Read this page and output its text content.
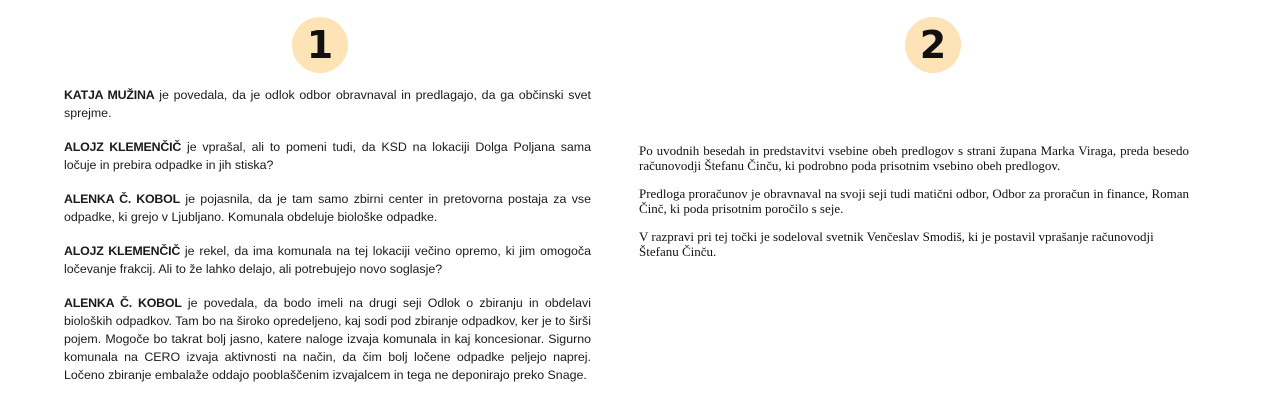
1	2

KATJA MUŽINA je povedala, da je odlok odbor obravnaval in predlagajo, da ga občinski svet sprejme.

ALOJZ KLEMENČIČ je vprašal, ali to pomeni tudi, da KSD na lokaciji Dolga Poljana sama ločuje in prebira odpadke in jih stiska?

ALENKA Č. KOBOL je pojasnila, da je tam samo zbirni center in pretovorna postaja za vse odpadke, ki grejo v Ljubljano. Komunala obdeluje biološke odpadke.

ALOJZ KLEMENČIČ je rekel, da ima komunala na tej lokaciji večino opremo, ki jim omogoča ločevanje frakcij. Ali to že lahko delajo, ali potrebujejo novo soglasje?

ALENKA Č. KOBOL je povedala, da bodo imeli na drugi seji Odlok o zbiranju in obdelavi bioloških odpadkov. Tam bo na široko opredeljeno, kaj sodi pod zbiranje odpadkov, ker je to širši pojem. Mogoče bo takrat bolj jasno, katere naloge izvaja komunala in kaj koncesionar. Sigurno komunala na CERO izvaja aktivnosti na način, da čim bolj ločene odpadke peljejo naprej. Ločeno zbiranje embalaže oddajo pooblaščenim izvajalcem in tega ne deponirajo preko Snage.

Po uvodnih besedah in predstavitvi vsebine obeh predlogov s strani župana Marka Viraga, preda besedo računovodji Štefanu Činču, ki podrobno poda prisotnim vsebino obeh predlogov.

Predloga proračunov je obravnaval na svoji seji tudi matični odbor, Odbor za proračun in finance, Roman Činč, ki poda prisotnim poročilo s seje.

V razpravi pri tej točki je sodeloval svetnik Venčeslav Smodiš, ki je postavil vprašanje računovodji Štefanu Činču.
